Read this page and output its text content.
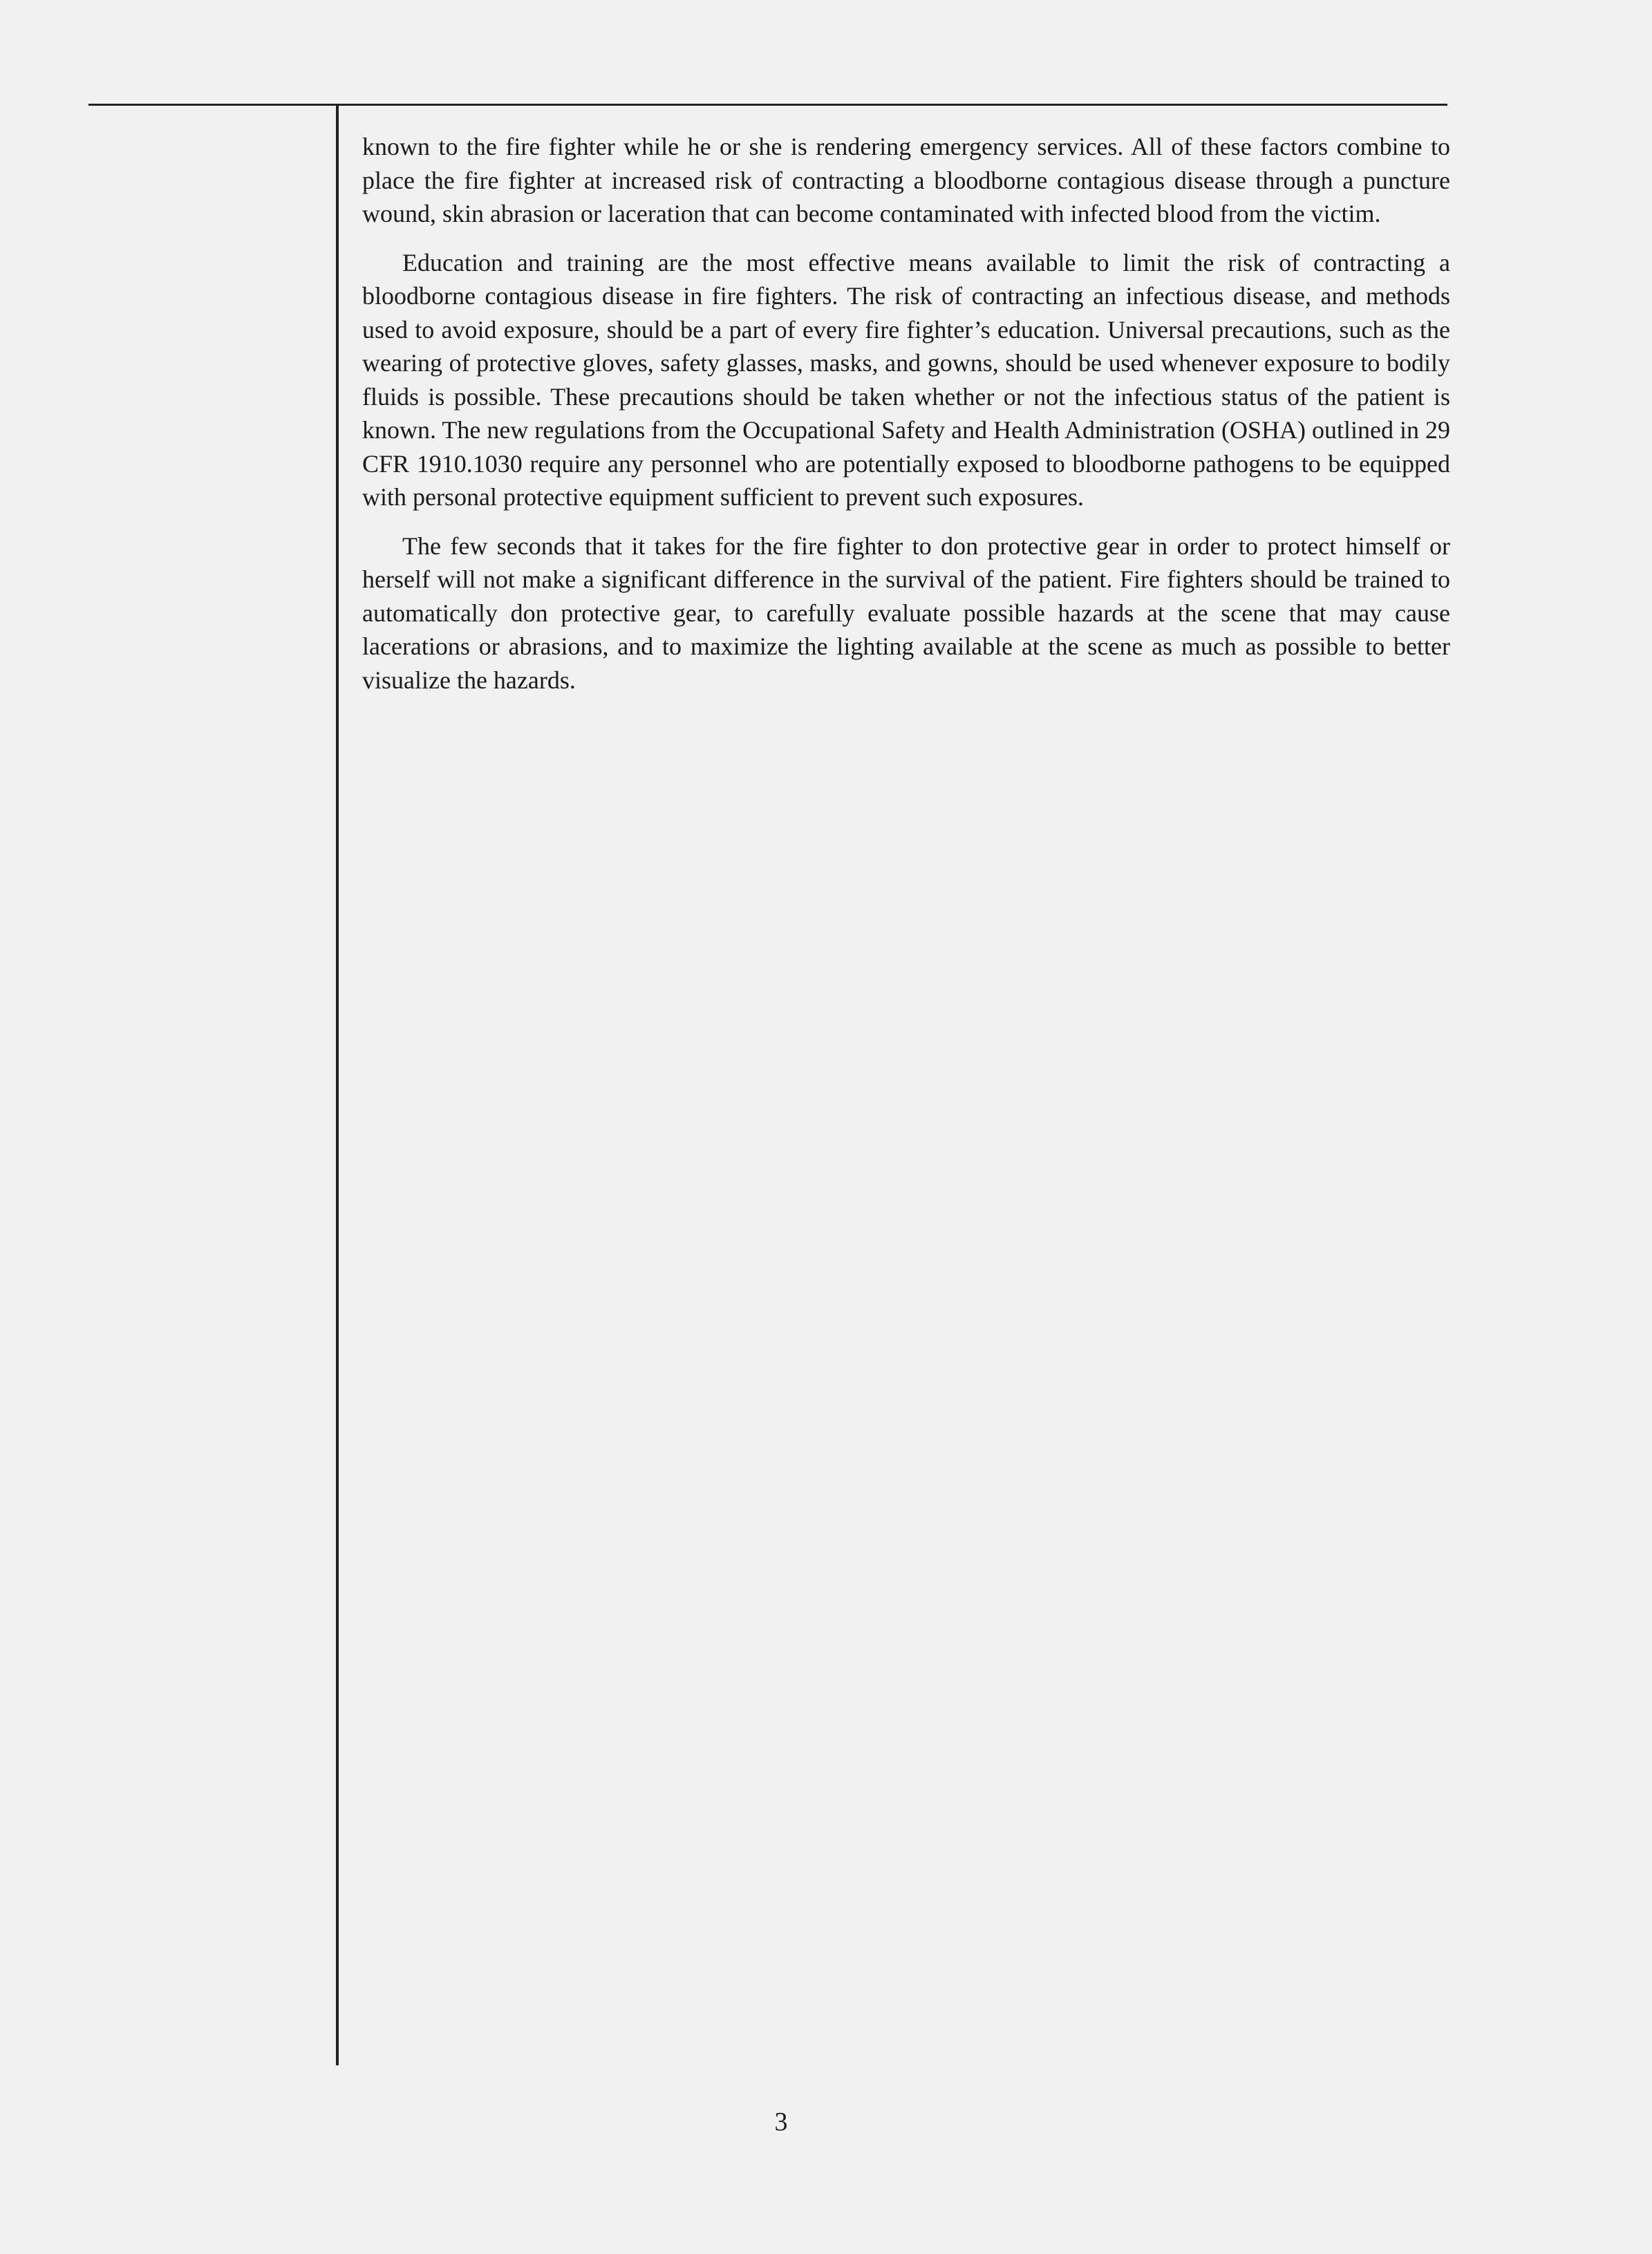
known to the fire fighter while he or she is rendering emergency services. All of these factors combine to place the fire fighter at increased risk of contracting a bloodborne contagious disease through a puncture wound, skin abrasion or laceration that can become contaminated with infected blood from the victim.

Education and training are the most effective means available to limit the risk of contracting a bloodborne contagious disease in fire fighters. The risk of contracting an infectious disease, and methods used to avoid exposure, should be a part of every fire fighter’s education. Universal precautions, such as the wearing of protective gloves, safety glasses, masks, and gowns, should be used whenever exposure to bodily fluids is possible. These precautions should be taken whether or not the infectious status of the patient is known. The new regulations from the Occupational Safety and Health Administration (OSHA) outlined in 29 CFR 1910.1030 require any personnel who are potentially exposed to bloodborne pathogens to be equipped with personal protective equipment sufficient to prevent such exposures.

The few seconds that it takes for the fire fighter to don protective gear in order to protect himself or herself will not make a significant difference in the survival of the patient. Fire fighters should be trained to automatically don protective gear, to carefully evaluate possible hazards at the scene that may cause lacerations or abrasions, and to maximize the lighting available at the scene as much as possible to better visualize the hazards.

3
